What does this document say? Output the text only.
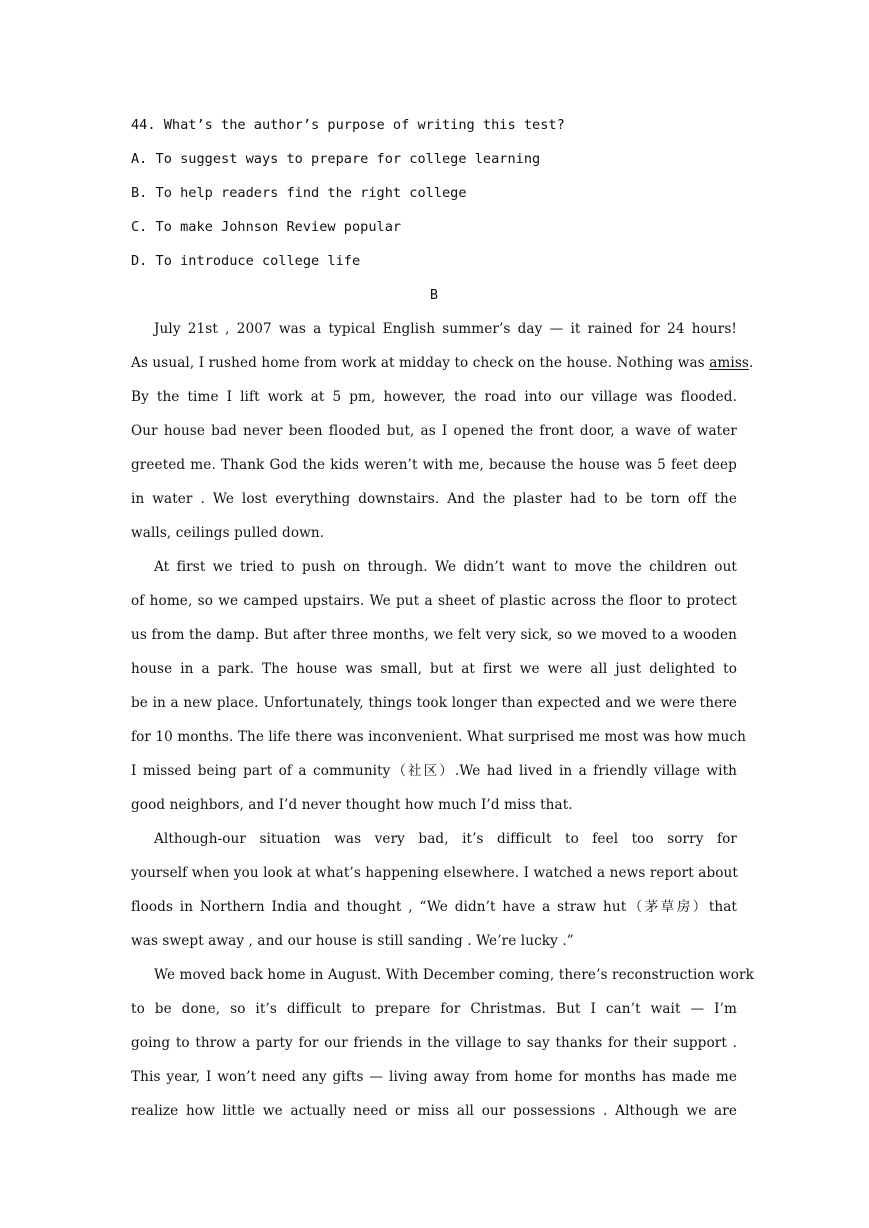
44. What’s the author’s purpose of writing this test?
A. To suggest ways to prepare for college learning
B. To help readers find the right college
C. To make Johnson Review popular
D. To introduce college life
B
July 21st , 2007 was a typical English summer’s day — it rained for 24 hours!
As usual, I rushed home from work at midday to check on the house. Nothing was amiss.
By the time I lift work at 5 pm, however, the road into our village was flooded.
Our house bad never been flooded but, as I opened the front door, a wave of water
greeted me. Thank God the kids weren’t with me, because the house was 5 feet deep
in water . We lost everything downstairs. And the plaster had to be torn off the
walls, ceilings pulled down.
At first we tried to push on through. We didn’t want to move the children out
of home, so we camped upstairs. We put a sheet of plastic across the floor to protect
us from the damp. But after three months, we felt very sick, so we moved to a wooden
house in a park. The house was small, but at first we were all just delighted to
be in a new place. Unfortunately, things took longer than expected and we were there
for 10 months. The life there was inconvenient. What surprised me most was how much
I missed being part of a community（社区）.We had lived in a friendly village with
good neighbors, and I’d never thought how much I’d miss that.
Although-our situation was very bad, it’s difficult to feel too sorry for
yourself when you look at what’s happening elsewhere. I watched a news report about
floods in Northern India and thought , “We didn’t have a straw hut（茅草房）that
was swept away , and our house is still sanding . We’re lucky .”
We moved back home in August. With December coming, there’s reconstruction work
to be done, so it’s difficult to prepare for Christmas. But I can’t wait — I’m
going to throw a party for our friends in the village to say thanks for their support .
This year, I won’t need any gifts — living away from home for months has made me
realize how little we actually need or miss all our possessions . Although we are
